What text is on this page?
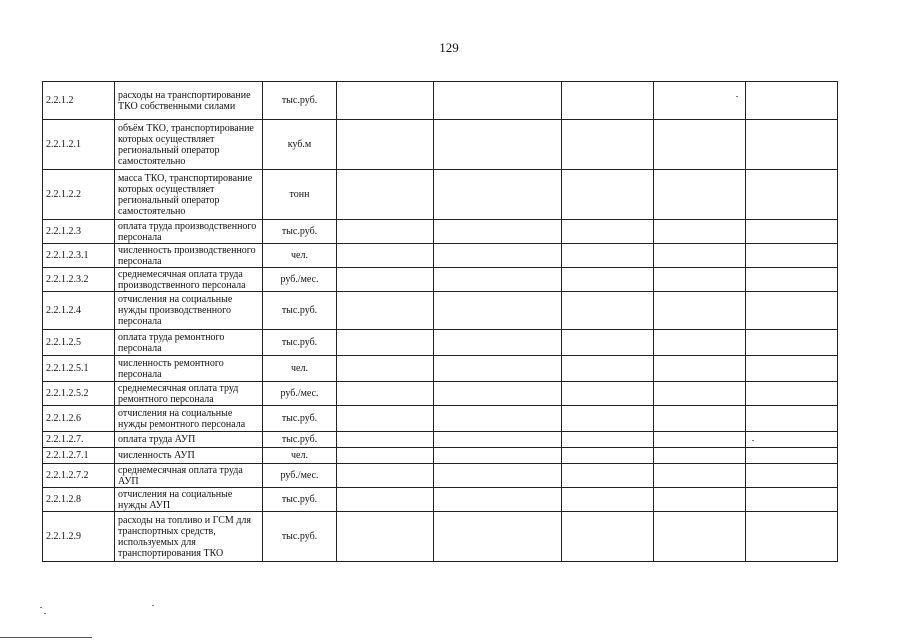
129
2.2.1.2	расходы на транспортирование ТКО собственными силами	тыс.руб.					
2.2.1.2.1	объём ТКО, транспортирование которых осуществляет региональный оператор самостоятельно	куб.м					
2.2.1.2.2	масса ТКО, транспортирование которых осуществляет региональный оператор самостоятельно	тонн					
2.2.1.2.3	оплата труда производственного персонала	тыс.руб.					
2.2.1.2.3.1	численность производственного персонала	чел.					
2.2.1.2.3.2	среднемесячная оплата труда производственного персонала	руб./мес.					
2.2.1.2.4	отчисления на социальные нужды производственного персонала	тыс.руб.					
2.2.1.2.5	оплата труда ремонтного персонала	тыс.руб.					
2.2.1.2.5.1	численность ремонтного персонала	чел.					
2.2.1.2.5.2	среднемесячная оплата труд ремонтного персонала	руб./мес.					
2.2.1.2.6	отчисления на социальные нужды ремонтного персонала	тыс.руб.					
2.2.1.2.7.	оплата труда АУП	тыс.руб.					
2.2.1.2.7.1	численность АУП	чел.					
2.2.1.2.7.2	среднемесячная оплата труда АУП	руб./мес.					
2.2.1.2.8	отчисления на социальные нужды АУП	тыс.руб.					
2.2.1.2.9	расходы на топливо и ГСМ для транспортных средств, используемых для транспортирования ТКО	тыс.руб.					
